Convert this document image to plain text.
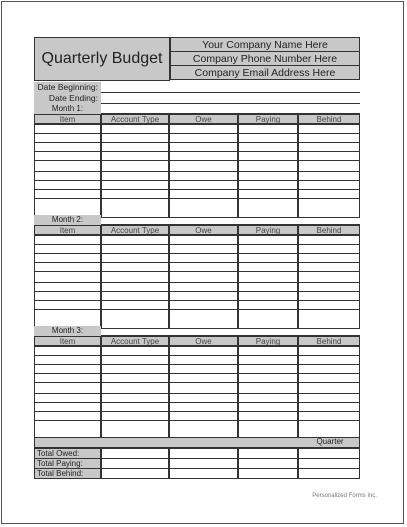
Quarterly Budget
Your Company Name Here
Company Phone Number Here
Company Email Address Here
Date Beginning:
Date Ending:
Month 1:
Item	Account Type	Owe	Paying	Behind
Month 2:
Item	Account Type	Owe	Paying	Behind
Month 3:
Item	Account Type	Owe	Paying	Behind
Quarter
Total Owed:
Total Paying:
Total Behind:
Personalized Forms Inc.
